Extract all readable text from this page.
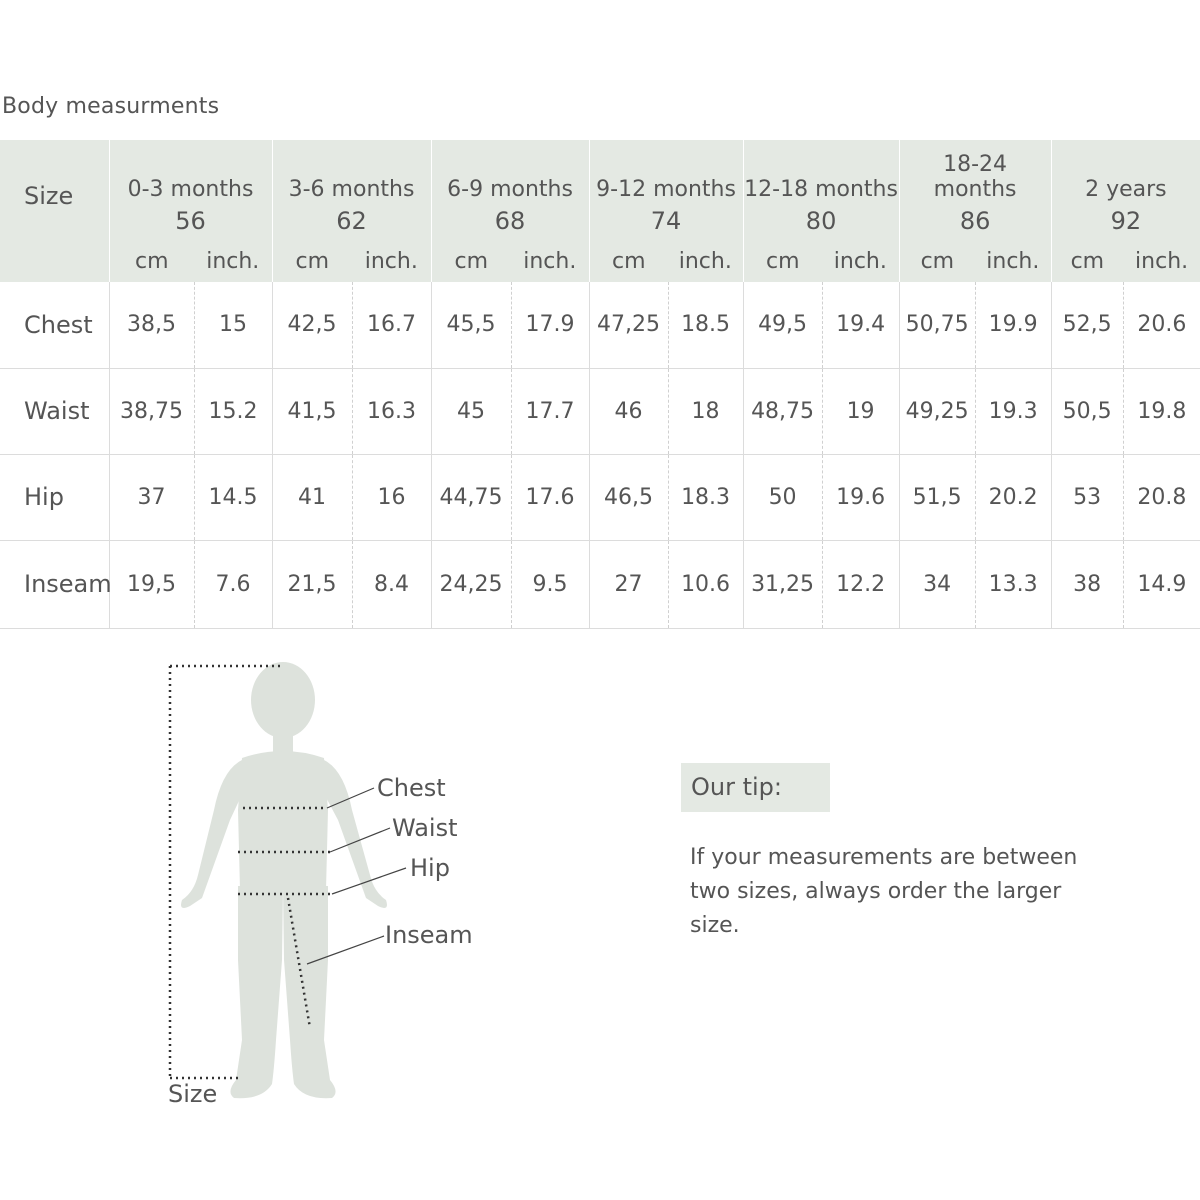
Body measurments
Size	0-3 months		3-6 months		6-9 months		9-12 months		12-18 months		18-24 months		2 years	
	56		62		68		74		80		86		92	
	cm	inch.	cm	inch.	cm	inch.	cm	inch.	cm	inch.	cm	inch.	cm	inch.
Chest	38,5	15	42,5	16.7	45,5	17.9	47,25	18.5	49,5	19.4	50,75	19.9	52,5	20.6
Waist	38,75	15.2	41,5	16.3	45	17.7	46	18	48,75	19	49,25	19.3	50,5	19.8
Hip	37	14.5	41	16	44,75	17.6	46,5	18.3	50	19.6	51,5	20.2	53	20.8
Inseam	19,5	7.6	21,5	8.4	24,25	9.5	27	10.6	31,25	12.2	34	13.3	38	14.9
Chest
Waist
Hip
Inseam
Size
Our tip:
If your measurements are between two sizes, always order the larger size.
